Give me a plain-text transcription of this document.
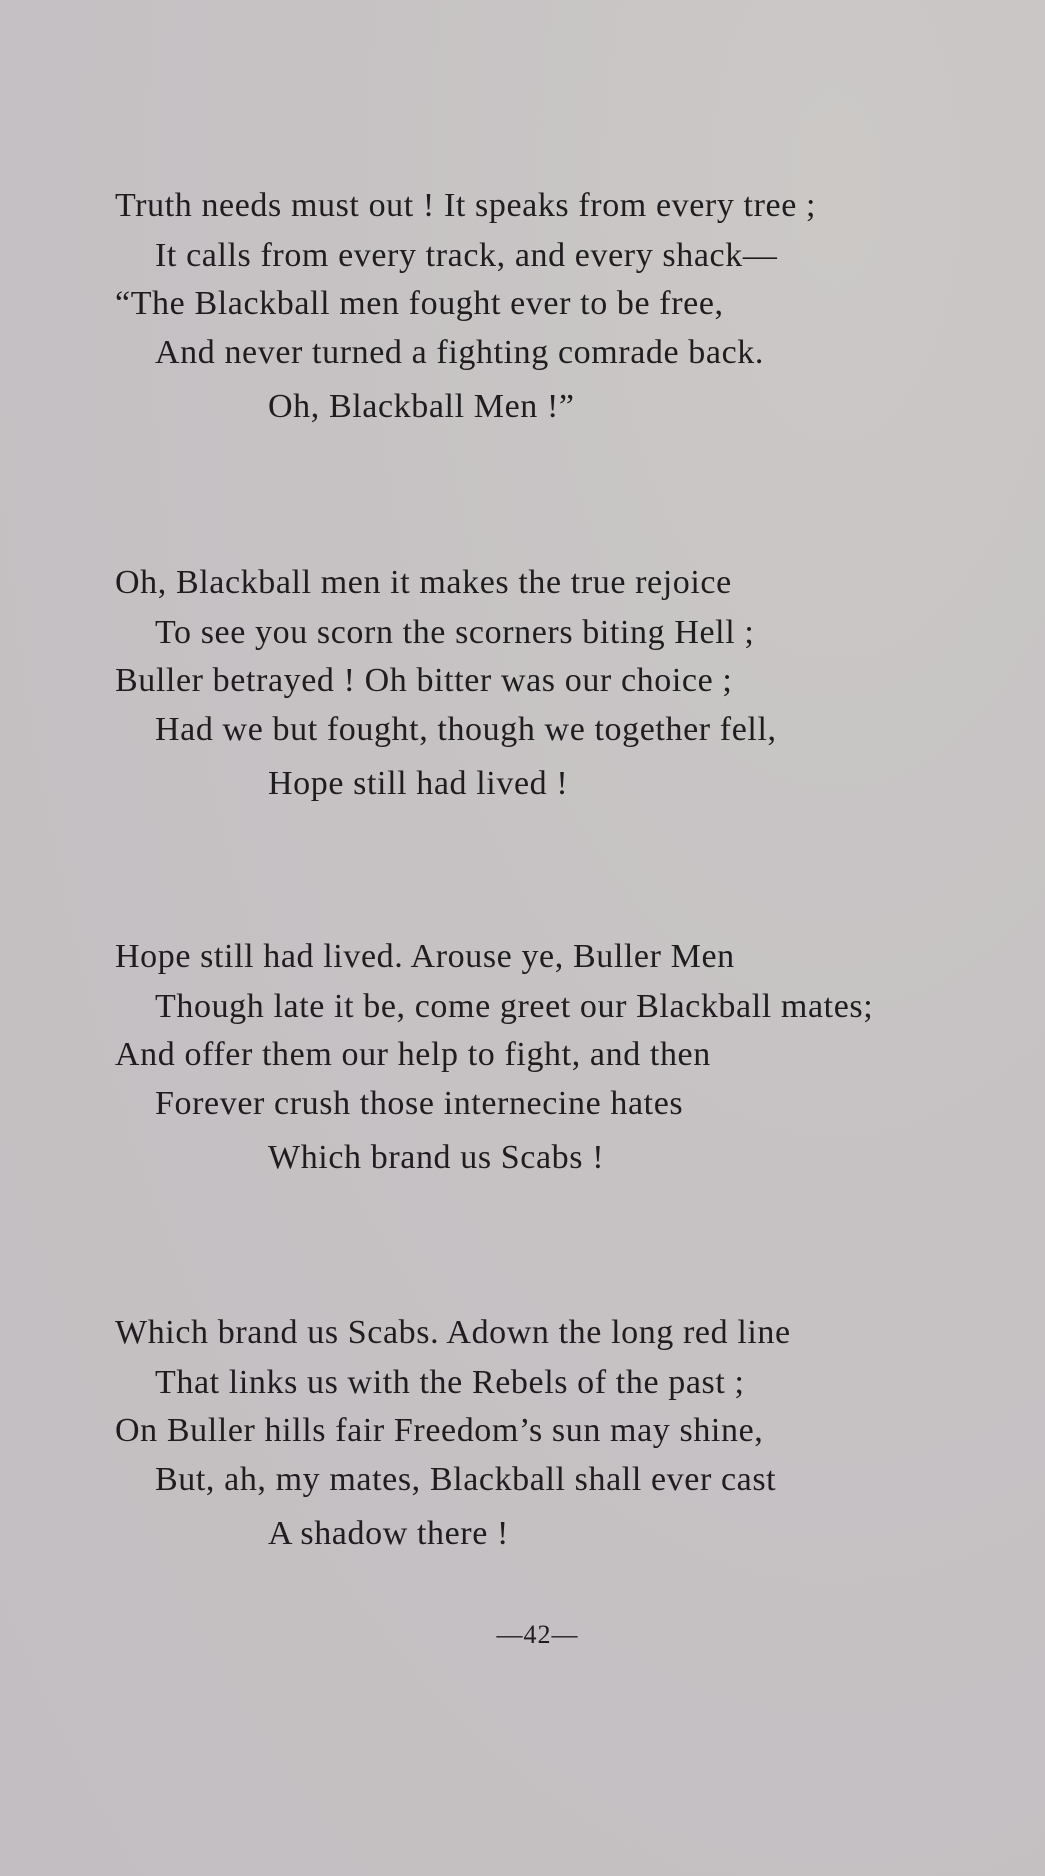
Truth needs must out ! It speaks from every tree ;
It calls from every track, and every shack—
“The Blackball men fought ever to be free,
And never turned a fighting comrade back.
Oh, Blackball Men !”
Oh, Blackball men it makes the true rejoice
To see you scorn the scorners biting Hell ;
Buller betrayed ! Oh bitter was our choice ;
Had we but fought, though we together fell,
Hope still had lived !
Hope still had lived. Arouse ye, Buller Men
Though late it be, come greet our Blackball mates;
And offer them our help to fight, and then
Forever crush those internecine hates
Which brand us Scabs !
Which brand us Scabs. Adown the long red line
That links us with the Rebels of the past ;
On Buller hills fair Freedom’s sun may shine,
But, ah, my mates, Blackball shall ever cast
A shadow there !
—42—
